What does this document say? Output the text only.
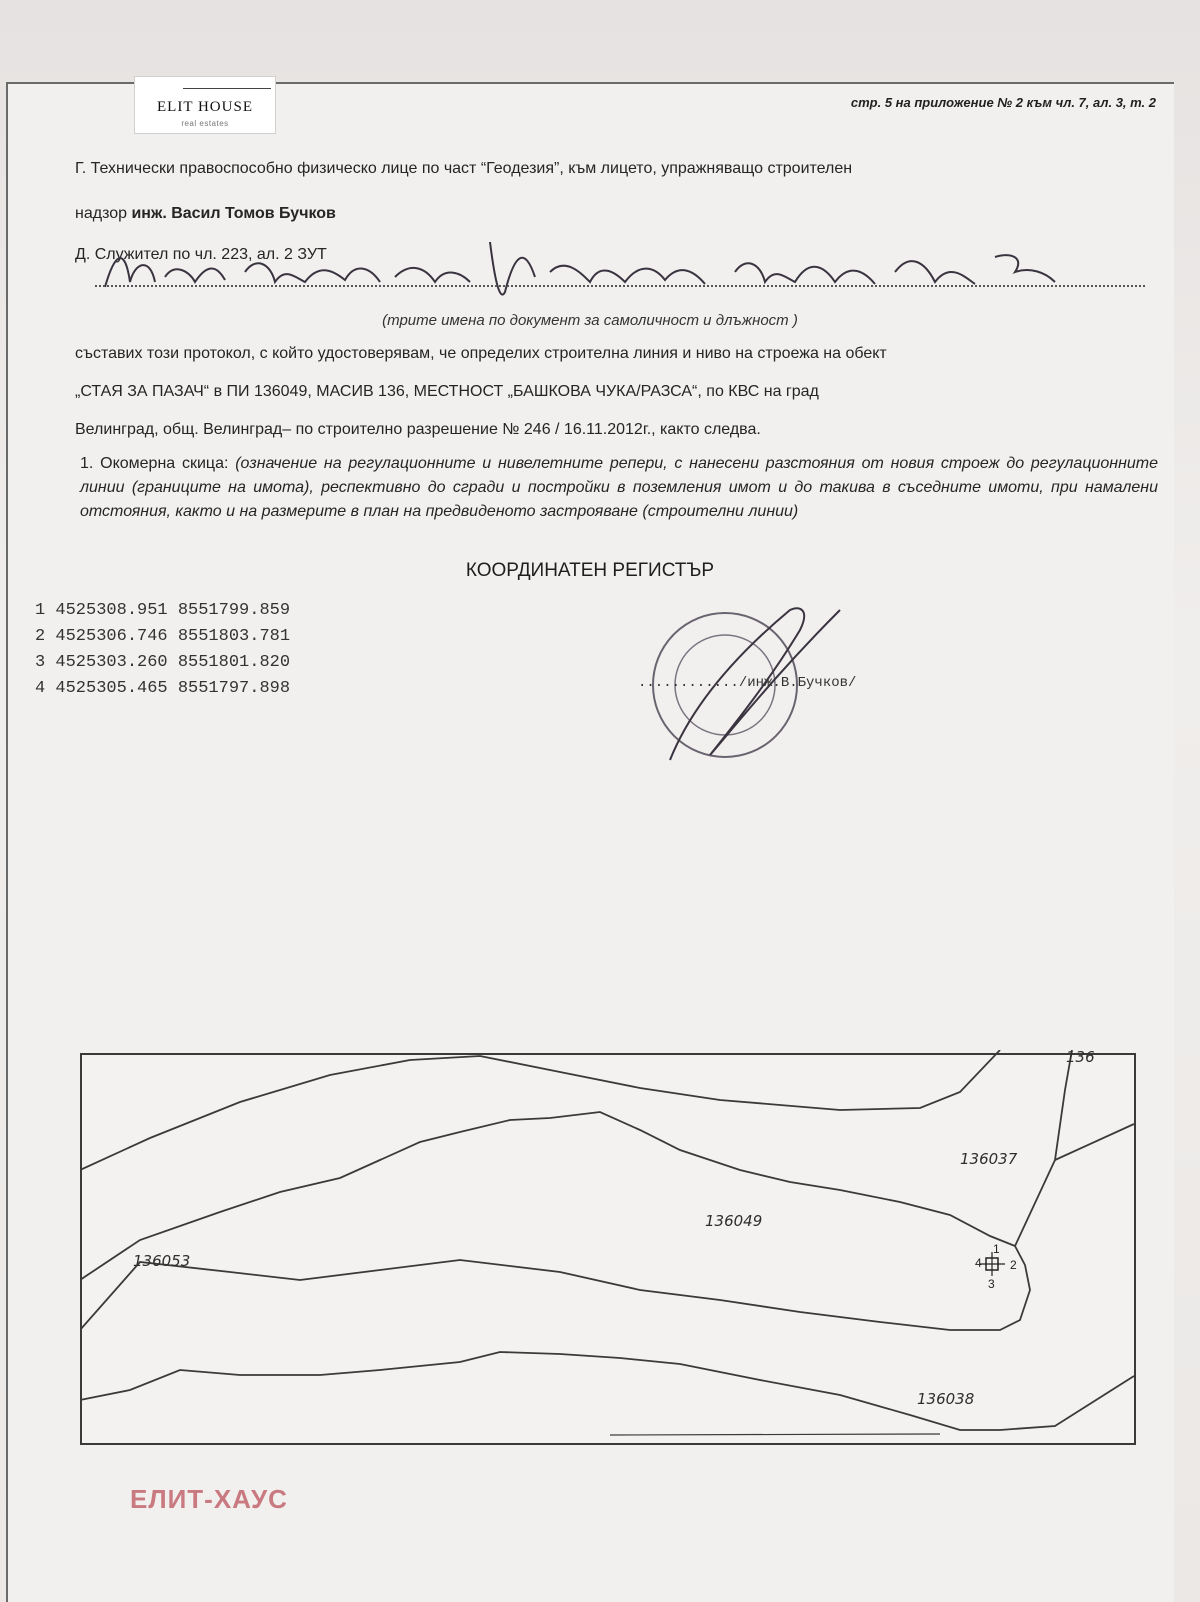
ELIT HOUSE
real estates
стр. 5 на приложение № 2 към чл. 7, ал. 3, т. 2
Г. Технически правоспособно физическо лице по част “Геодезия”, към лицето, упражняващо строителен
надзор инж. Васил Томов Бучков
Д. Служител по чл. 223, ал. 2 ЗУТ
(трите имена по документ за самоличност и длъжност )
съставих този протокол, с който удостоверявам, че определих строителна линия и ниво на строежа на обект
„СТАЯ ЗА ПАЗАЧ“ в ПИ 136049, МАСИВ 136, МЕСТНОСТ „БАШКОВА ЧУКА/РАЗСА“, по КВС на град
Велинград, общ. Велинград– по строително разрешение № 246 / 16.11.2012г., както следва.
1. Окомерна скица: (означение на регулационните и нивелетните репери, с нанесени разстояния от новия строеж до регулационните линии (границите на имота), респективно до сгради и постройки в поземления имот и до такива в съседните имоти, при намалени отстояния, както и на размерите в план на предвиденото застрояване (строителни линии)
КООРДИНАТЕН РЕГИСТЪР
1 4525308.951 8551799.859
2 4525306.746 8551803.781
3 4525303.260 8551801.820
4 4525305.465 8551797.898	............/инж.В.Бучков/
136
136037
136049
136053
136038
1
2
3
4
ЕЛИТ-ХАУС
